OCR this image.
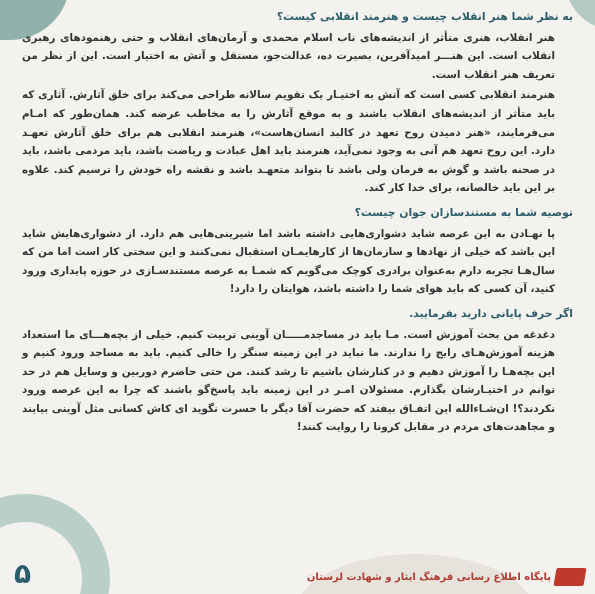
به نظر شما هنر انقلاب چیست و هنرمند انقلابی کیست؟
هنر انقلاب، هنری متأثر از اندیشه‌های ناب اسلام محمدی و آرمان‌های انقلاب و حتی رهنمودهای رهبری انقلاب است. این هنـــر امیدآفرین، بصیرت ده، عدالت‌جو، مستقل و آتش به اختیار است. این از نظر من تعریف هنر انقلاب است.
هنرمند انقلابی کسی است که آتش به اختیـار یک تقویم سالانه طراحی می‌کند برای خلق آثارش. آثاری که باید متأثر از اندیشه‌های انقلاب باشند و به موقع آثارش را به مخاطب عرضه کند. همان‌طور که امـام می‌فرمایند، «هنر دمیدن روح تعهد در کالبد انسان‌هاست»، هنرمند انقلابی هم برای خلق آثارش تعهـد دارد. این روح تعهد هم آنی به وجود نمی‌آید، هنرمند باید اهل عبادت و ریاضت باشد، باید مردمی باشد، باید در صحنه باشد و گوش به فرمان ولی باشد تا بتواند متعهـد باشد و نقشه راه خودش را ترسیم کند. علاوه بر این باید خالصانه، برای خدا کار کند.
توصیه شما به مستندسازان جوان چیست؟
پا نهـادن به این عرصه شاید دشواری‌هایی داشته باشد اما شیرینی‌هایی هم دارد. از دشواری‌هایش شاید این باشد که خیلی از نهادها و سازمان‌ها از کارهایمـان استقبال نمی‌کنند و این سختی کار است اما من که سال‌هـا تجربه دارم به‌عنوان برادری کوچک می‌گویم که شمـا به عرصه مستندسـازی در حوزه پایداری ورود کنید، آن کسی که باید هوای شما را داشته باشد، هوایتان را دارد!
اگر حرف پایانی دارید بفرمایید.
دغدغه من بحث آموزش است. مـا باید در مساجدمـــــان آوینی تربیت کنیم. خیلی از بچه‌هـــای ما استعداد هزینه آموزش‌هـای رایج را ندارند. ما نباید در این زمینه سنگر را خالی کنیم. باید به مساجد ورود کنیم و این بچه‌هـا را آموزش دهیم و در کنارشان باشیم تا رشد کنند. من حتی حاضرم دوربین و وسایل هم در حد توانم در اختیـارشان بگذارم. مسئولان امـر در این زمینه باید پاسخ‌گو باشند که چرا به این عرصه ورود نکردند؟! ان‌شـاءالله این اتفـاق بیفتد که حضرت آقا دیگر با حسرت نگوید ای کاش کسانی مثل آوینی بیایند و مجاهدت‌های مردم در مقابل کرونا را روایت کنند!
۵	پایگاه اطلاع رسانی فرهنگ ایثار و شهادت لرستان
